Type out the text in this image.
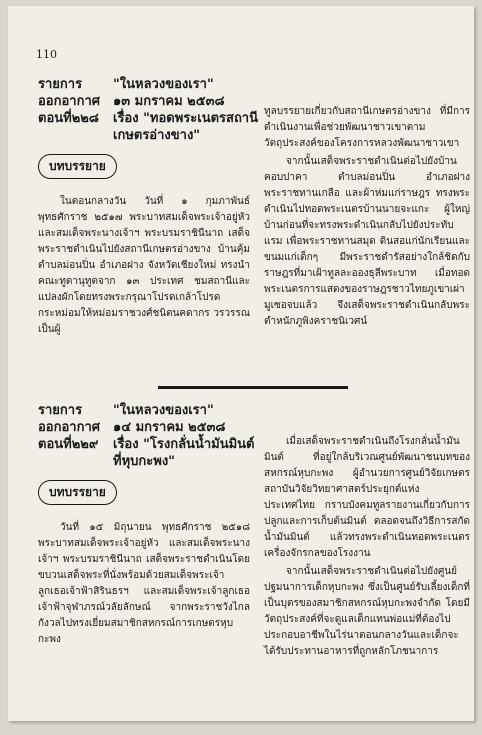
110
รายการ	"ในหลวงของเรา"
ออกอากาศ ๑๓ มกราคม ๒๕๓๘
ตอนที่๒๒๘	เรื่อง "ทอดพระเนตรสถานีเกษตรอ่างขาง"
บทบรรยาย

ในตอนกลางวัน วันที่ ๑ กุมภาพันธ์ พุทธศักราช ๒๕๑๗ พระบาทสมเด็จพระเจ้าอยู่หัว และสมเด็จพระนางเจ้าฯ พระบรมราชินีนาถ เสด็จพระราชดำเนินไปยังสถานีเกษตรอ่างขาง บ้านคุ้ม ตำบลม่อนปิ่น อำเภอฝาง จังหวัดเชียงใหม่ ทรงนำคณะทูตานุทูตจาก ๑๓ ประเทศ ชมสถานีและแปลงผักโดยทรงพระกรุณาโปรดเกล้าโปรดกระหม่อมให้หม่อมราชวงศ์ชนิตนคดากร วรวรรณ เป็นผู้

ทูลบรรยายเกี่ยวกับสถานีเกษตรอ่างขาง ที่มีการดำเนินงานเพื่อช่วยพัฒนาชาวเขาตามวัตถุประสงค์ของโครงการหลวงพัฒนาชาวเขา

จากนั้นเสด็จพระราชดำเนินต่อไปยังบ้านคอบปาคา ตำบลม่อนปิ่น อำเภอฝาง พระราชทานเกลือ และผ้าห่มแก่ราษฎร ทรงพระดำเนินไปทอดพระเนตรบ้านนายจะแกะ ผู้ใหญ่บ้านก่อนที่จะทรงพระดำเนินกลับไปยังประทับแรม เพื่อพระราชทานสมุด ดินสอแก่นักเรียนและขนมแก่เด็กๆ มีพระราชดำรัสอย่างใกล้ชิดกับราษฎรที่มาเฝ้าทูลละอองธุลีพระบาท เมื่อทอดพระเนตรการแสดงของราษฎรชาวไทยภูเขาเผ่ามูเซอจบแล้ว จึงเสด็จพระราชดำเนินกลับพระตำหนักภูพิงคราชนิเวศน์

รายการ	"ในหลวงของเรา"
ออกอากาศ ๑๔ มกราคม ๒๕๓๘
ตอนที่๒๒๙	เรื่อง "โรงกลั่นน้ำมันมินต์ที่หุบกะพง"
บทบรรยาย

วันที่ ๑๕ มิถุนายน พุทธศักราช ๒๕๑๘ พระบาทสมเด็จพระเจ้าอยู่หัว และสมเด็จพระนางเจ้าฯ พระบรมราชินีนาถ เสด็จพระราชดำเนินโดยขบวนเสด็จพระที่นั่งพร้อมด้วยสมเด็จพระเจ้าลูกเธอเจ้าฟ้าสิรินธรฯ และสมเด็จพระเจ้าลูกเธอเจ้าฟ้าจุฬาภรณ์วลัยลักษณ์ จากพระราชวังไกลกังวลไปทรงเยี่ยมสมาชิกสหกรณ์การเกษตรหุบกะพง

เมื่อเสด็จพระราชดำเนินถึงโรงกลั่นน้ำมันมินต์ ที่อยู่ใกล้บริเวณศูนย์พัฒนาชนบทของสหกรณ์หุบกะพง ผู้อำนวยการศูนย์วิจัยเกษตรสถาบันวิจัยวิทยาศาสตร์ประยุกต์แห่งประเทศไทย กราบบังคมทูลรายงานเกี่ยวกับการปลูกและการเก็บต้นมินต์ ตลอดจนถึงวิธีการสกัดน้ำมันมินต์ แล้วทรงพระดำเนินทอดพระเนตรเครื่องจักรกลของโรงงาน

จากนั้นเสด็จพระราชดำเนินต่อไปยังศูนย์ปฐมนาการเด็กหุบกะพง ซึ่งเป็นศูนย์รับเลี้ยงเด็กที่เป็นบุตรของสมาชิกสหกรณ์หุบกะพงจำกัด โดยมีวัตถุประสงค์ที่จะดูแลเด็กแทนพ่อแม่ที่ต้องไปประกอบอาชีพในไร่นาตอนกลางวันและเด็กจะได้รับประทานอาหารที่ถูกหลักโภชนาการ
